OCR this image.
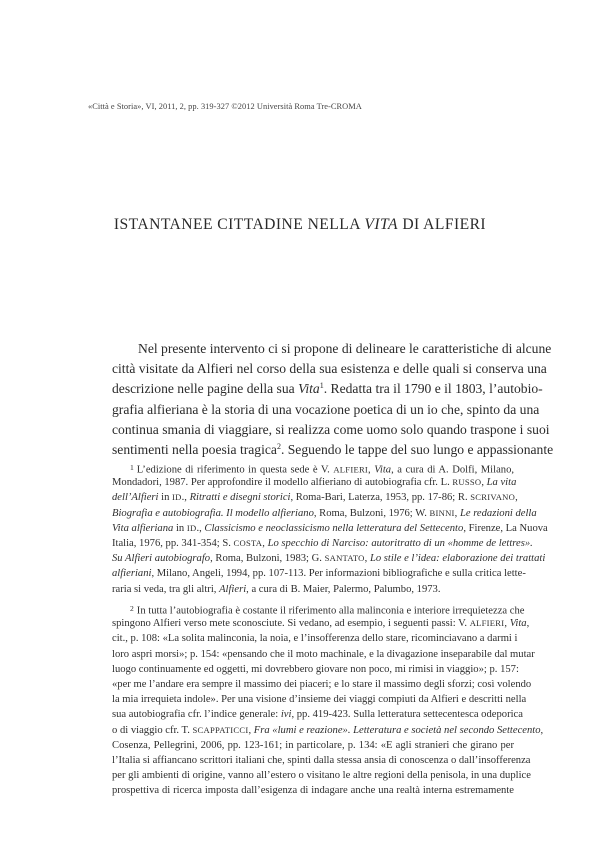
«Città e Storia», VI, 2011, 2, pp. 319-327 ©2012 Università Roma Tre-CROMA
ISTANTANEE CITTADINE NELLA VITA DI ALFIERI
Nel presente intervento ci si propone di delineare le caratteristiche di alcune
città visitate da Alfieri nel corso della sua esistenza e delle quali si conserva una
descrizione nelle pagine della sua Vita$^1$. Redatta tra il 1790 e il 1803, l’autobio-
grafia alfieriana è la storia di una vocazione poetica di un io che, spinto da una
continua smania di viaggiare, si realizza come uomo solo quando traspone i suoi
sentimenti nella poesia tragica$^2$. Seguendo le tappe del suo lungo e appassionante
$^1$ L’edizione di riferimento in questa sede è V. ALFIERI, Vita, a cura di A. Dolfi, Milano,
Mondadori, 1987. Per approfondire il modello alfieriano di autobiografia cfr. L. RUSSO, La vita
dell’Alfieri in ID., Ritratti e disegni storici, Roma-Bari, Laterza, 1953, pp. 17-86; R. SCRIVANO,
Biografia e autobiografia. Il modello alfieriano, Roma, Bulzoni, 1976; W. BINNI, Le redazioni della
Vita alfieriana in ID., Classicismo e neoclassicismo nella letteratura del Settecento, Firenze, La Nuova
Italia, 1976, pp. 341-354; S. COSTA, Lo specchio di Narciso: autoritratto di un «homme de lettres».
Su Alfieri autobiografo, Roma, Bulzoni, 1983; G. SANTATO, Lo stile e l’idea: elaborazione dei trattati
alfieriani, Milano, Angeli, 1994, pp. 107-113. Per informazioni bibliografiche e sulla critica lette-
raria si veda, tra gli altri, Alfieri, a cura di B. Maier, Palermo, Palumbo, 1973.
$^2$ In tutta l’autobiografia è costante il riferimento alla malinconia e interiore irrequietezza che
spingono Alfieri verso mete sconosciute. Si vedano, ad esempio, i seguenti passi: V. ALFIERI, Vita,
cit., p. 108: «La solita malinconia, la noia, e l’insofferenza dello stare, ricominciavano a darmi i
loro aspri morsi»; p. 154: «pensando che il moto machinale, e la divagazione inseparabile dal mutar
luogo continuamente ed oggetti, mi dovrebbero giovare non poco, mi rimisi in viaggio»; p. 157:
«per me l’andare era sempre il massimo dei piaceri; e lo stare il massimo degli sforzi; così volendo
la mia irrequieta indole». Per una visione d’insieme dei viaggi compiuti da Alfieri e descritti nella
sua autobiografia cfr. l’indice generale: ivi, pp. 419-423. Sulla letteratura settecentesca odeporica
o di viaggio cfr. T. SCAPPATICCI, Fra «lumi e reazione». Letteratura e società nel secondo Settecento,
Cosenza, Pellegrini, 2006, pp. 123-161; in particolare, p. 134: «E agli stranieri che girano per
l’Italia si affiancano scrittori italiani che, spinti dalla stessa ansia di conoscenza o dall’insofferenza
per gli ambienti di origine, vanno all’estero o visitano le altre regioni della penisola, in una duplice
prospettiva di ricerca imposta dall’esigenza di indagare anche una realtà interna estremamente
